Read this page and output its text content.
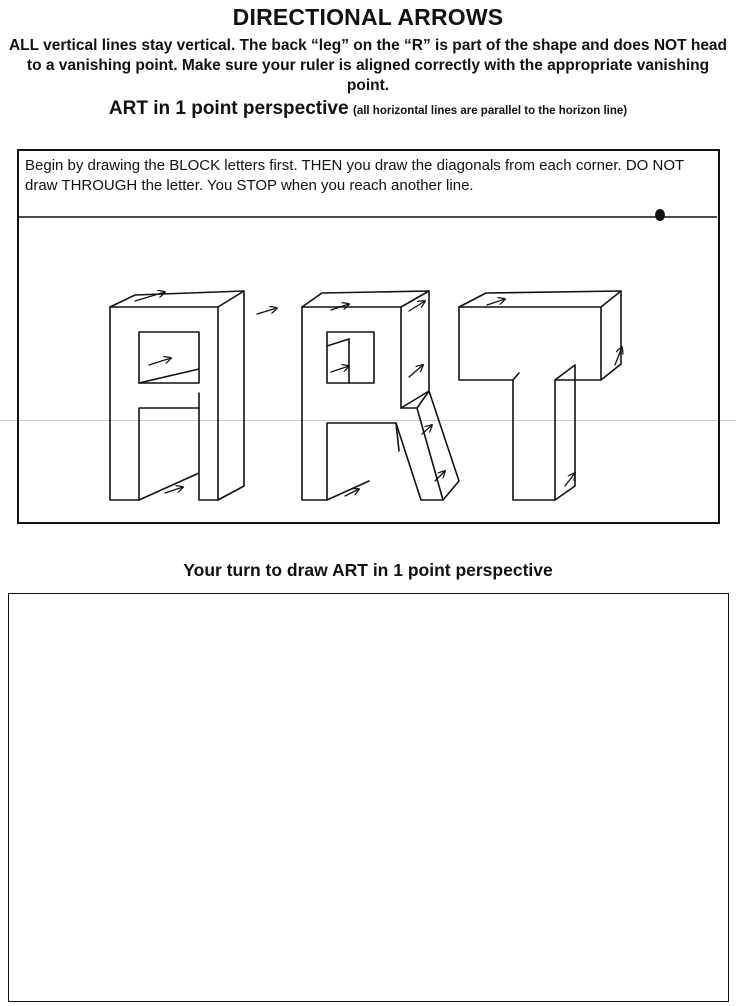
DIRECTIONAL ARROWS
ALL vertical lines stay vertical. The back “leg” on the “R” is part of the shape and does NOT head to a vanishing point. Make sure your ruler is aligned correctly with the appropriate vanishing point.
ART in 1 point perspective (all horizontal lines are parallel to the horizon line)
Begin by drawing the BLOCK letters first. THEN you draw the diagonals from each corner. DO NOT draw THROUGH the letter. You STOP when you reach another line.
Your turn to draw ART in 1 point perspective
